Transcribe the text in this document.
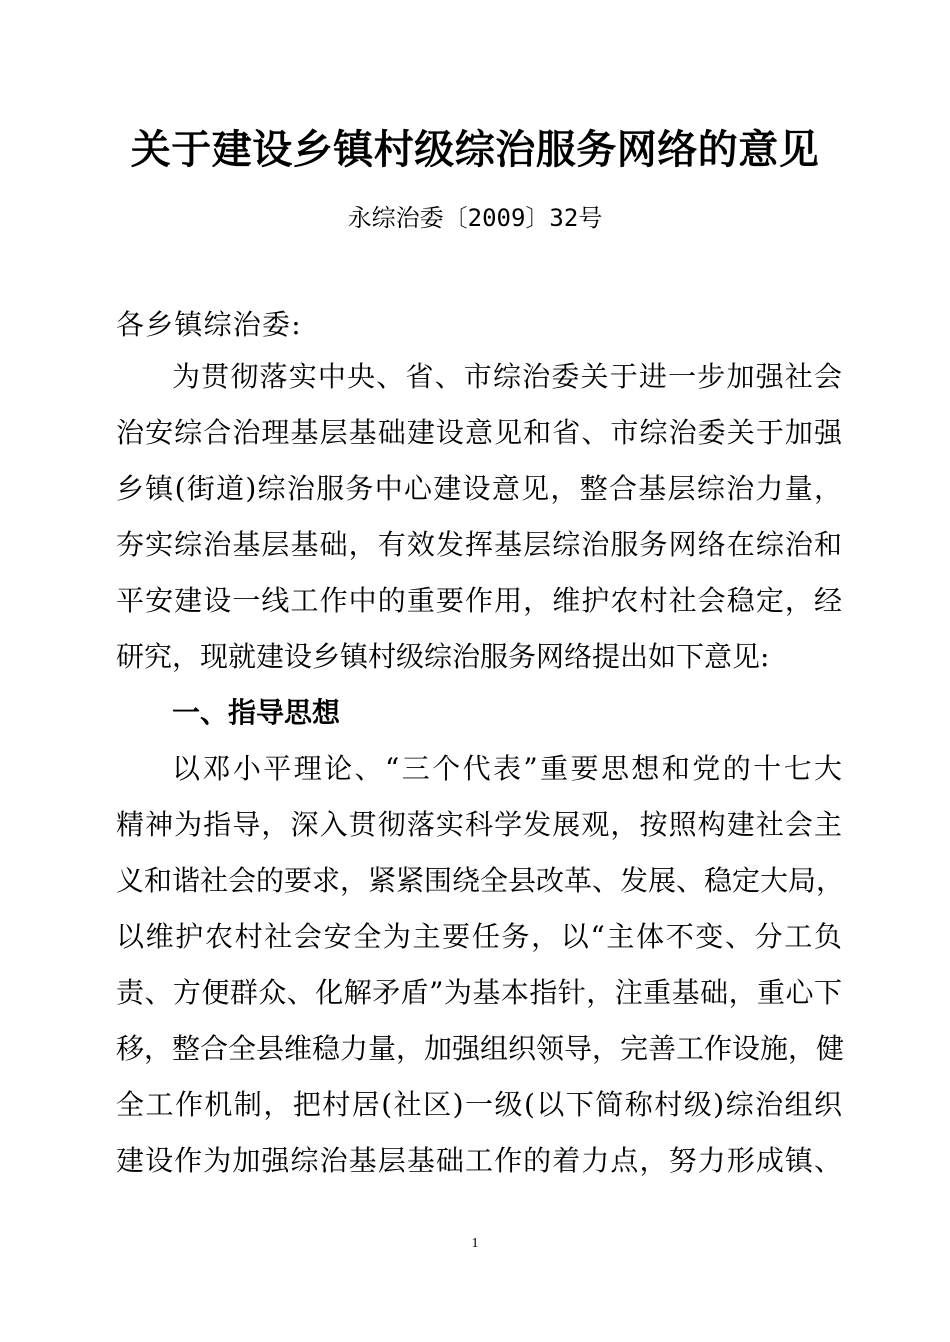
关于建设乡镇村级综治服务网络的意见
永综治委〔2009〕32号
各乡镇综治委:
为贯彻落实中央、省、市综治委关于进一步加强社会
治安综合治理基层基础建设意见和省、市综治委关于加强
乡镇(街道)综治服务中心建设意见，整合基层综治力量，
夯实综治基层基础，有效发挥基层综治服务网络在综治和
平安建设一线工作中的重要作用，维护农村社会稳定，经
研究，现就建设乡镇村级综治服务网络提出如下意见:
一、指导思想
以邓小平理论、“三个代表”重要思想和党的十七大
精神为指导，深入贯彻落实科学发展观，按照构建社会主
义和谐社会的要求，紧紧围绕全县改革、发展、稳定大局，
以维护农村社会安全为主要任务，以“主体不变、分工负
责、方便群众、化解矛盾”为基本指针，注重基础，重心下
移，整合全县维稳力量，加强组织领导，完善工作设施，健
全工作机制，把村居(社区)一级(以下简称村级)综治组织
建设作为加强综治基层基础工作的着力点，努力形成镇、
1
